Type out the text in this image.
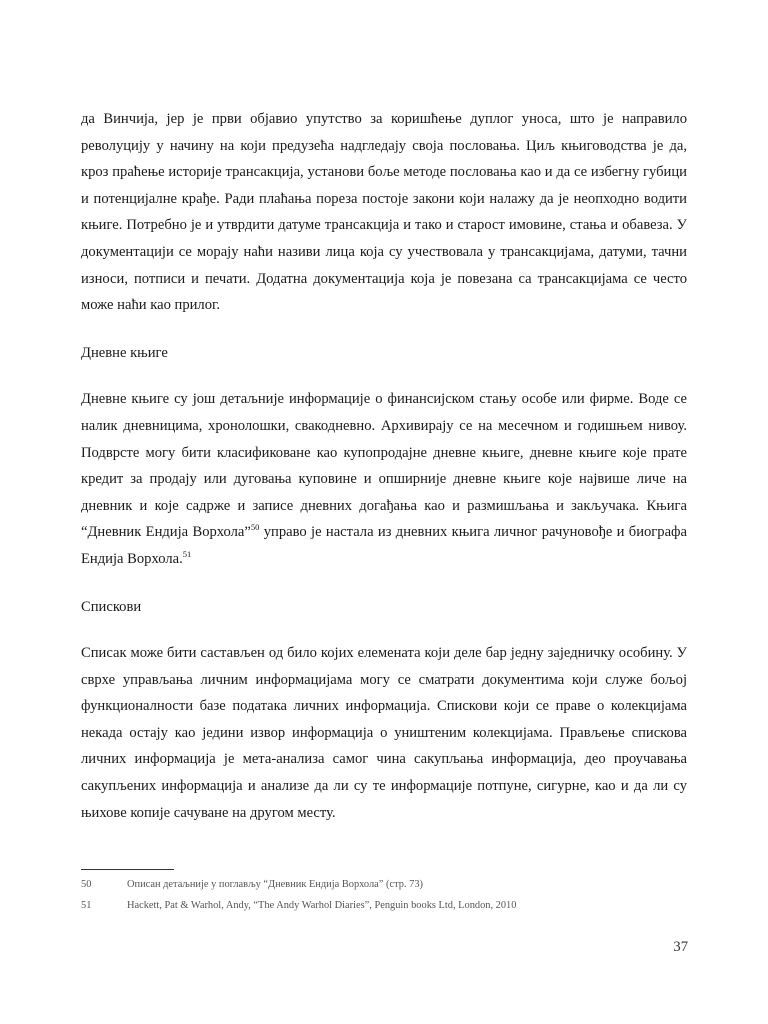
да Винчија, јер је први објавио упутство за коришћење дуплог уноса, што је направило револуцију у начину на који предузећа надгледају своја пословања. Циљ књиговодства је да, кроз праћење историје трансакција, установи боље методе пословања као и да се избегну губици и потенцијалне крађе. Ради плаћања пореза постоје закони који налажу да је неопходно водити књиге. Потребно је и утврдити датуме трансакција и тако и старост имовине, стања и обавеза. У документацији се морају наћи називи лица која су учествовала у трансакцијама, датуми, тачни износи, потписи и печати. Додатна документација која је повезана са трансакцијама се често може наћи као прилог.

Дневне књиге

Дневне књиге су још детаљније информације о финансијском стању особе или фирме. Воде се налик дневницима, хронолошки, свакодневно. Архивирају се на месечном и годишњем нивоу. Подврсте могу бити класификоване као купопродајне дневне књиге, дневне књиге које прате кредит за продају или дуговања куповине и опширније дневне књиге које највише личе на дневник и које садрже и записе дневних догађања као и размишљања и закључака. Књига “Дневник Ендија Ворхола”$^{50}$ управо је настала из дневних књига личног рачуновође и биографа Ендија Ворхола.$^{51}$

Спискови

Списак може бити састављен од било којих елемената који деле бар једну заједничку особину. У сврхе управљања личним информацијама могу се сматрати документима који служе бољој функционалности базе података личних информација. Спискови који се праве о колекцијама некада остају као једини извор информација о уништеним колекцијама. Прављење спискова личних информација је мета-анализа самог чина сакупљања информација, део проучавања сакупљених информација и анализе да ли су те информације потпуне, сигурне, као и да ли су њихове копије сачуване на другом месту.

50	Описан детаљније у поглављу “Дневник Ендија Ворхола” (стр. 73)
51	Hackett, Pat & Warhol, Andy, “The Andy Warhol Diaries”, Penguin books Ltd, London, 2010
37
